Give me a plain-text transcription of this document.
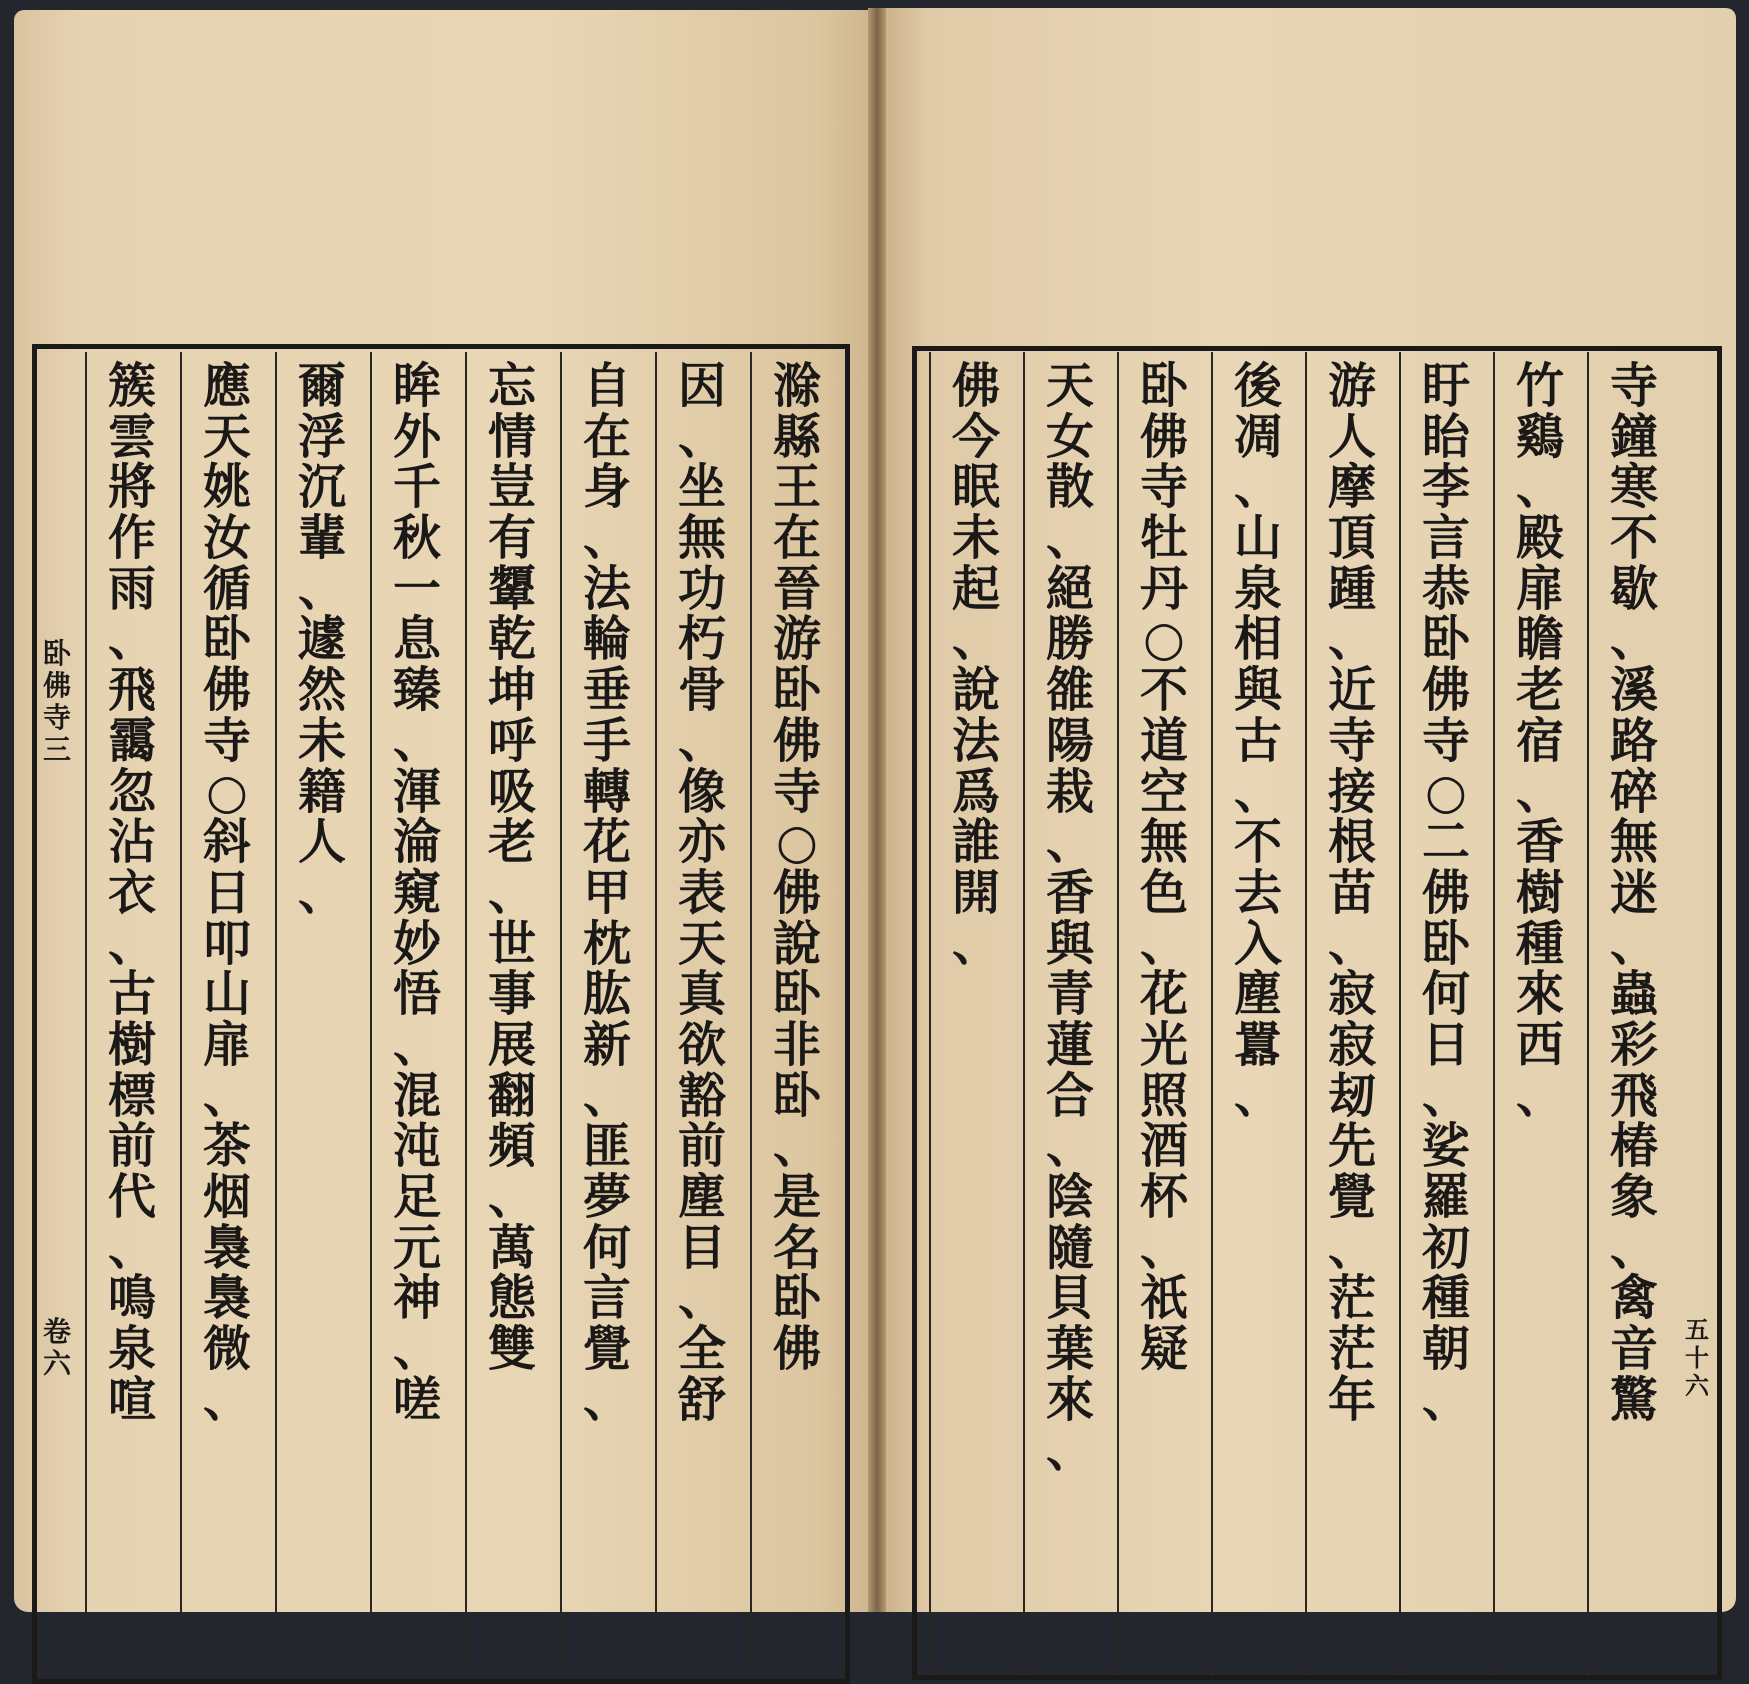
滁
縣
王
在
晉
游
卧
佛
寺
○
佛
說
卧
非
卧
、
是
名
卧
佛
因
、
坐
無
功
朽
骨
、
像
亦
表
天
真
欲
豁
前
塵
目
、
全
舒
自
在
身
、
法
輪
垂
手
轉
花
甲
枕
肱
新
、
匪
夢
何
言
覺
、
忘
情
豈
有
顰
乾
坤
呼
吸
老
、
世
事
展
翻
頻
、
萬
態
雙
眸
外
千
秋
一
息
臻
、
渾
淪
窺
妙
悟
、
混
沌
足
元
神
、
嗟
爾
浮
沉
輩
、
遽
然
未
籍
人
、
應
天
姚
汝
循
卧
佛
寺
○
斜
日
叩
山
扉
、
茶
烟
裊
裊
微
、
簇
雲
將
作
雨
、
飛
靄
忽
沾
衣
、
古
樹
標
前
代
、
鳴
泉
喧
卧
佛
寺
三
卷
六
寺
鐘
寒
不
歇
、
溪
路
碎
無
迷
、
蟲
彩
飛
椿
象
、
禽
音
驚
竹
鷄
、
殿
扉
瞻
老
宿
、
香
樹
種
來
西
、
盱
眙
李
言
恭
卧
佛
寺
○
二
佛
卧
何
日
、
娑
羅
初
種
朝
、
游
人
摩
頂
踵
、
近
寺
接
根
苗
、
寂
寂
刼
先
覺
、
茫
茫
年
後
凋
、
山
泉
相
與
古
、
不
去
入
塵
囂
、
卧
佛
寺
牡
丹
○
不
道
空
無
色
、
花
光
照
酒
杯
、
祇
疑
天
女
散
、
絕
勝
雒
陽
栽
、
香
與
青
蓮
合
、
陰
隨
貝
葉
來
、
佛
今
眠
未
起
、
說
法
爲
誰
開
、
五
十
六
